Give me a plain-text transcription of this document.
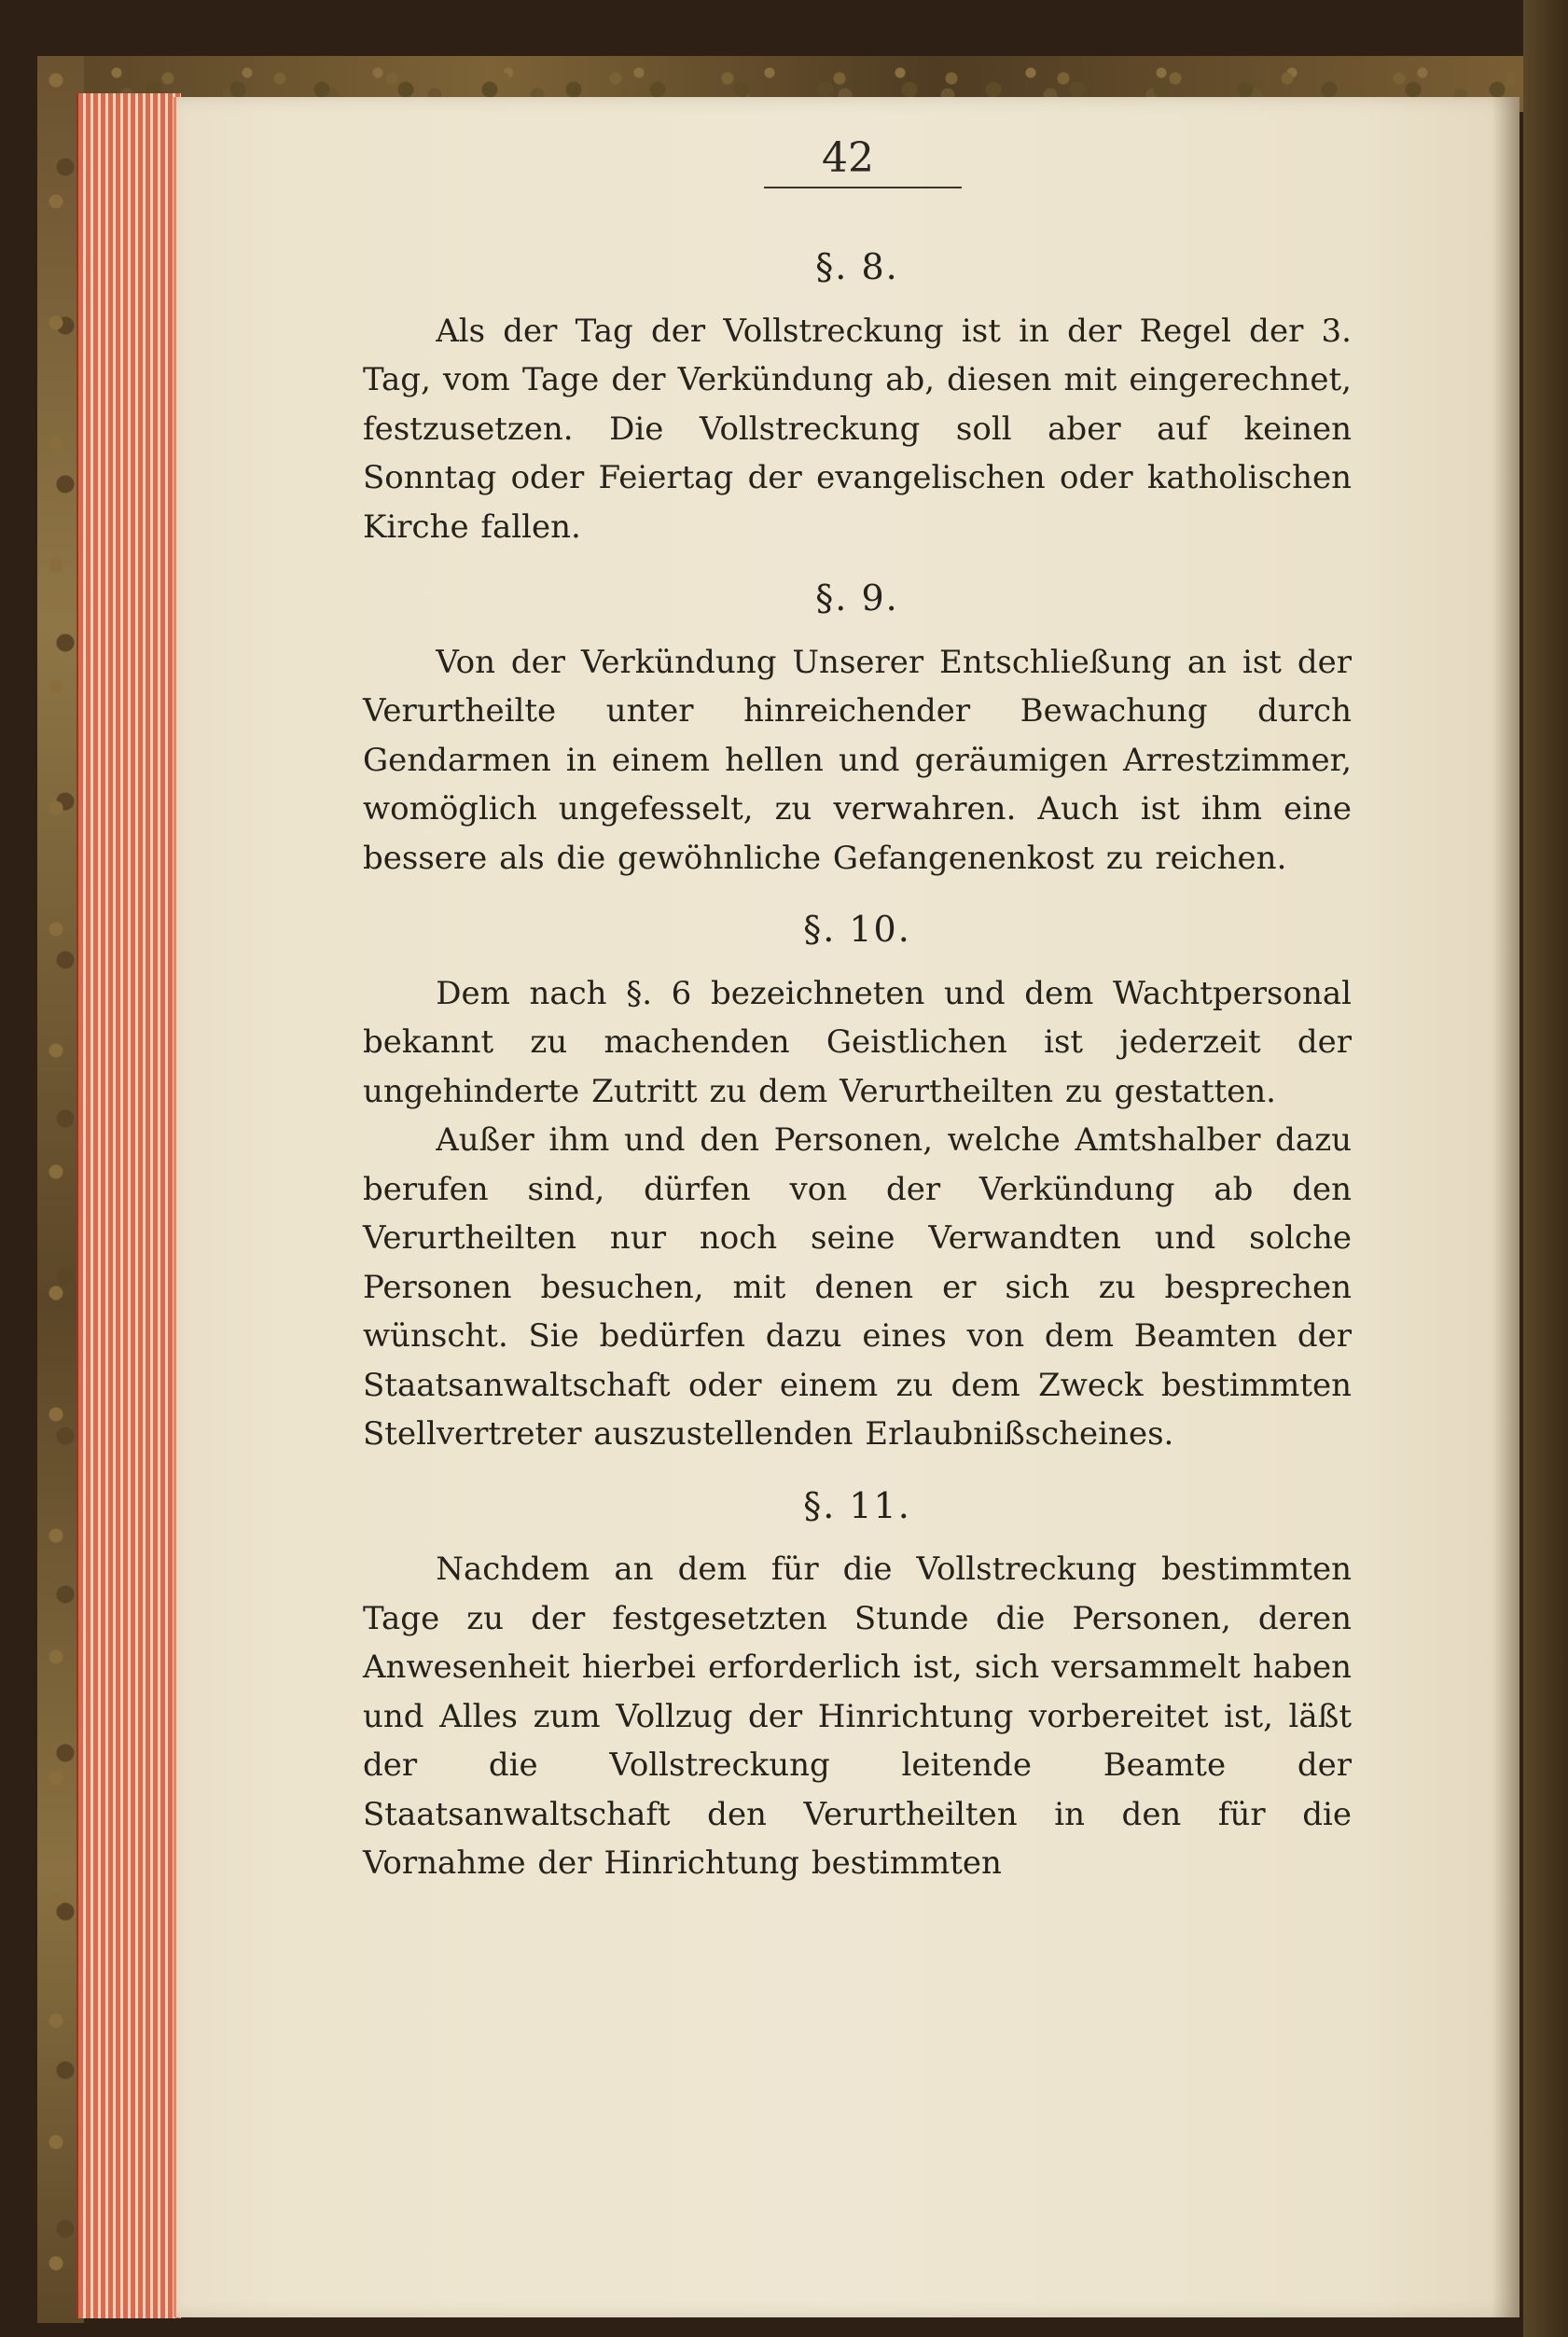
42
§. 8.

Als der Tag der Vollstreckung ist in der Regel der 3. Tag, vom Tage der Verkündung ab, diesen mit eingerechnet, festzusetzen. Die Vollstreckung soll aber auf keinen Sonntag oder Feiertag der evangelischen oder katholischen Kirche fallen.

§. 9.

Von der Verkündung Unserer Entschließung an ist der Verurtheilte unter hinreichender Bewachung durch Gendarmen in einem hellen und geräumigen Arrestzimmer, womöglich ungefesselt, zu verwahren. Auch ist ihm eine bessere als die gewöhnliche Gefangenenkost zu reichen.

§. 10.

Dem nach §. 6 bezeichneten und dem Wachtpersonal bekannt zu machenden Geistlichen ist jederzeit der ungehinderte Zutritt zu dem Verurtheilten zu gestatten.

Außer ihm und den Personen, welche Amtshalber dazu berufen sind, dürfen von der Verkündung ab den Verurtheilten nur noch seine Verwandten und solche Personen besuchen, mit denen er sich zu besprechen wünscht. Sie bedürfen dazu eines von dem Beamten der Staatsanwaltschaft oder einem zu dem Zweck bestimmten Stellvertreter auszustellenden Erlaubnißscheines.

§. 11.

Nachdem an dem für die Vollstreckung bestimmten Tage zu der festgesetzten Stunde die Personen, deren Anwesenheit hierbei erforderlich ist, sich versammelt haben und Alles zum Vollzug der Hinrichtung vorbereitet ist, läßt der die Vollstreckung leitende Beamte der Staatsanwaltschaft den Verurtheilten in den für die Vornahme der Hinrichtung bestimmten
